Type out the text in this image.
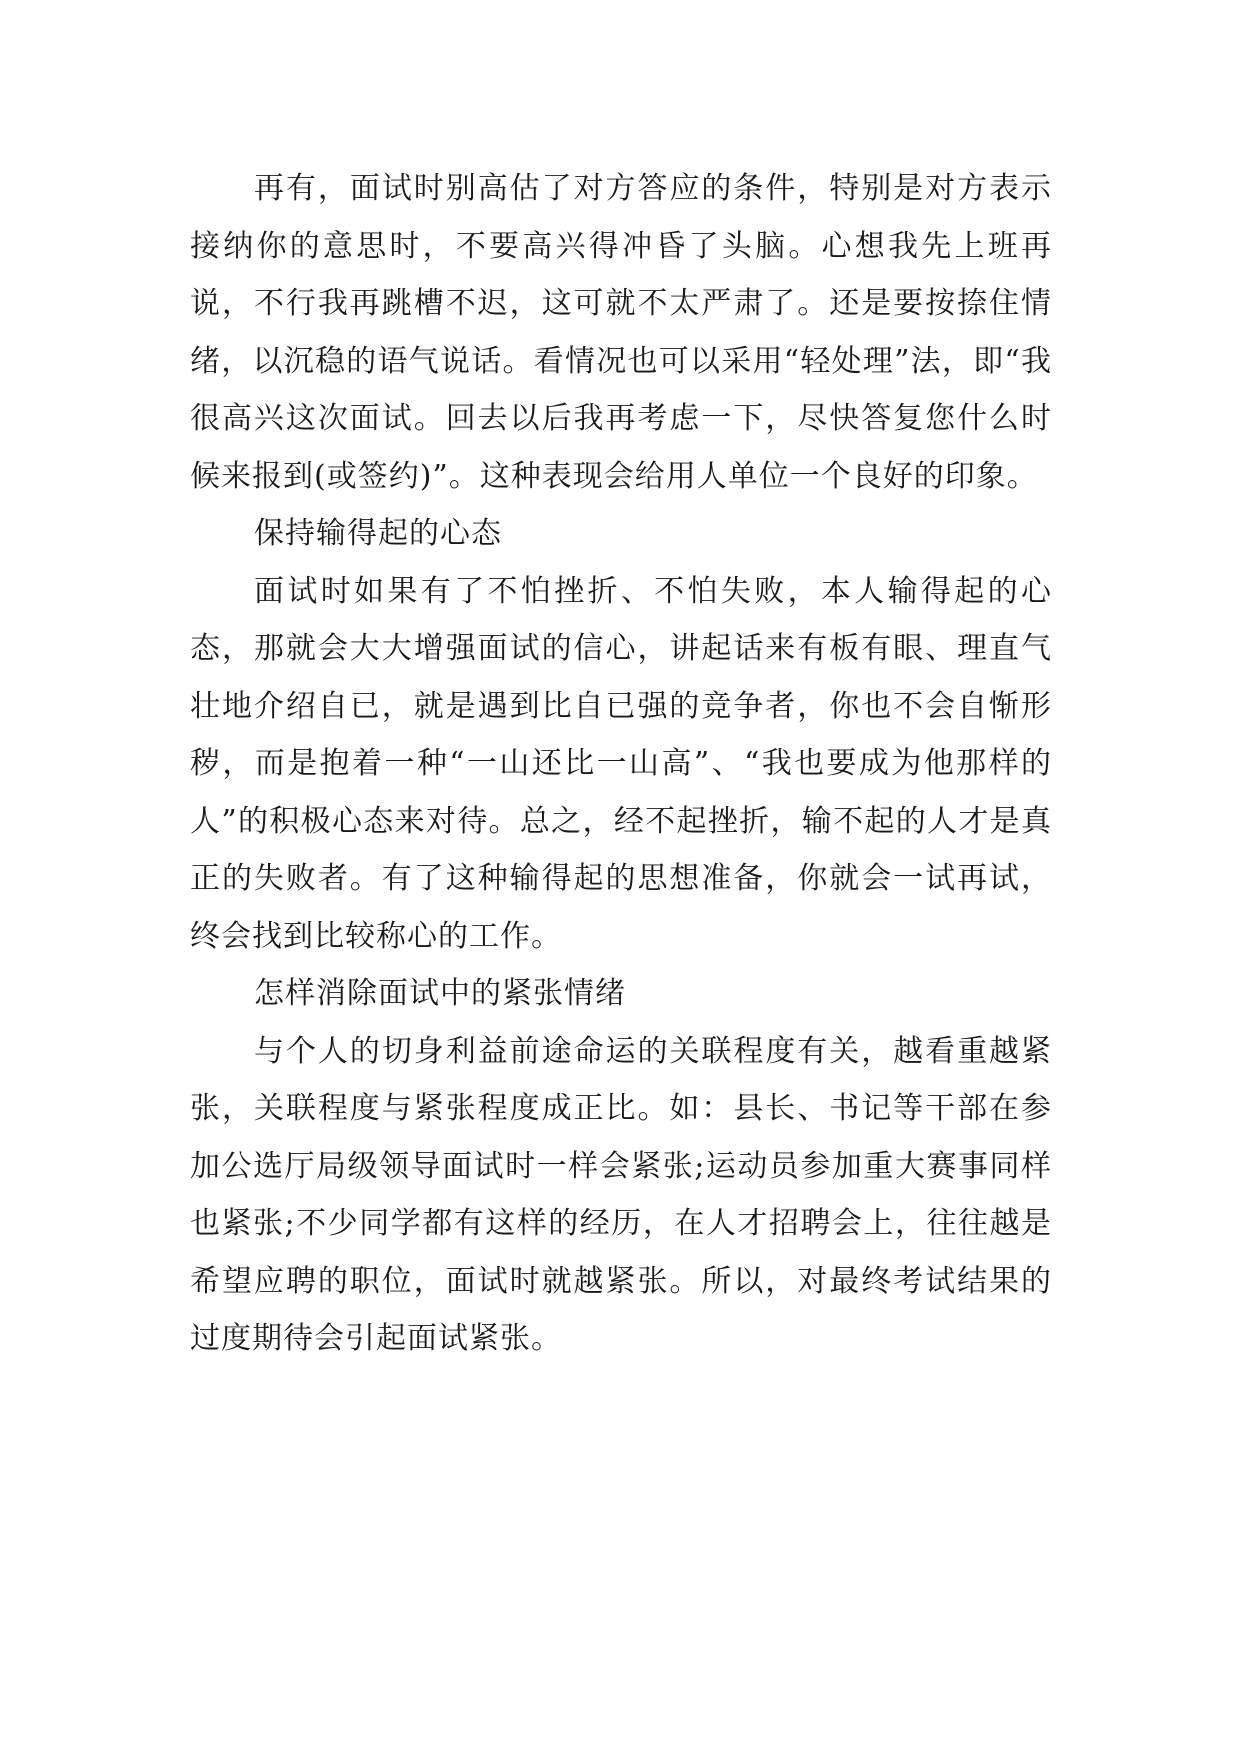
再有，面试时别高估了对方答应的条件，特别是对方表示接纳你的意思时，不要高兴得冲昏了头脑。心想我先上班再说，不行我再跳槽不迟，这可就不太严肃了。还是要按捺住情绪，以沉稳的语气说话。看情况也可以采用“轻处理”法，即“我很高兴这次面试。回去以后我再考虑一下，尽快答复您什么时候来报到(或签约)”。这种表现会给用人单位一个良好的印象。

保持输得起的心态

面试时如果有了不怕挫折、不怕失败，本人输得起的心态，那就会大大增强面试的信心，讲起话来有板有眼、理直气壮地介绍自已，就是遇到比自已强的竞争者，你也不会自惭形秽，而是抱着一种“一山还比一山高”、“我也要成为他那样的人”的积极心态来对待。总之，经不起挫折，输不起的人才是真正的失败者。有了这种输得起的思想准备，你就会一试再试，终会找到比较称心的工作。

怎样消除面试中的紧张情绪

与个人的切身利益前途命运的关联程度有关，越看重越紧张，关联程度与紧张程度成正比。如：县长、书记等干部在参加公选厅局级领导面试时一样会紧张;运动员参加重大赛事同样也紧张;不少同学都有这样的经历，在人才招聘会上，往往越是希望应聘的职位，面试时就越紧张。所以，对最终考试结果的过度期待会引起面试紧张。
